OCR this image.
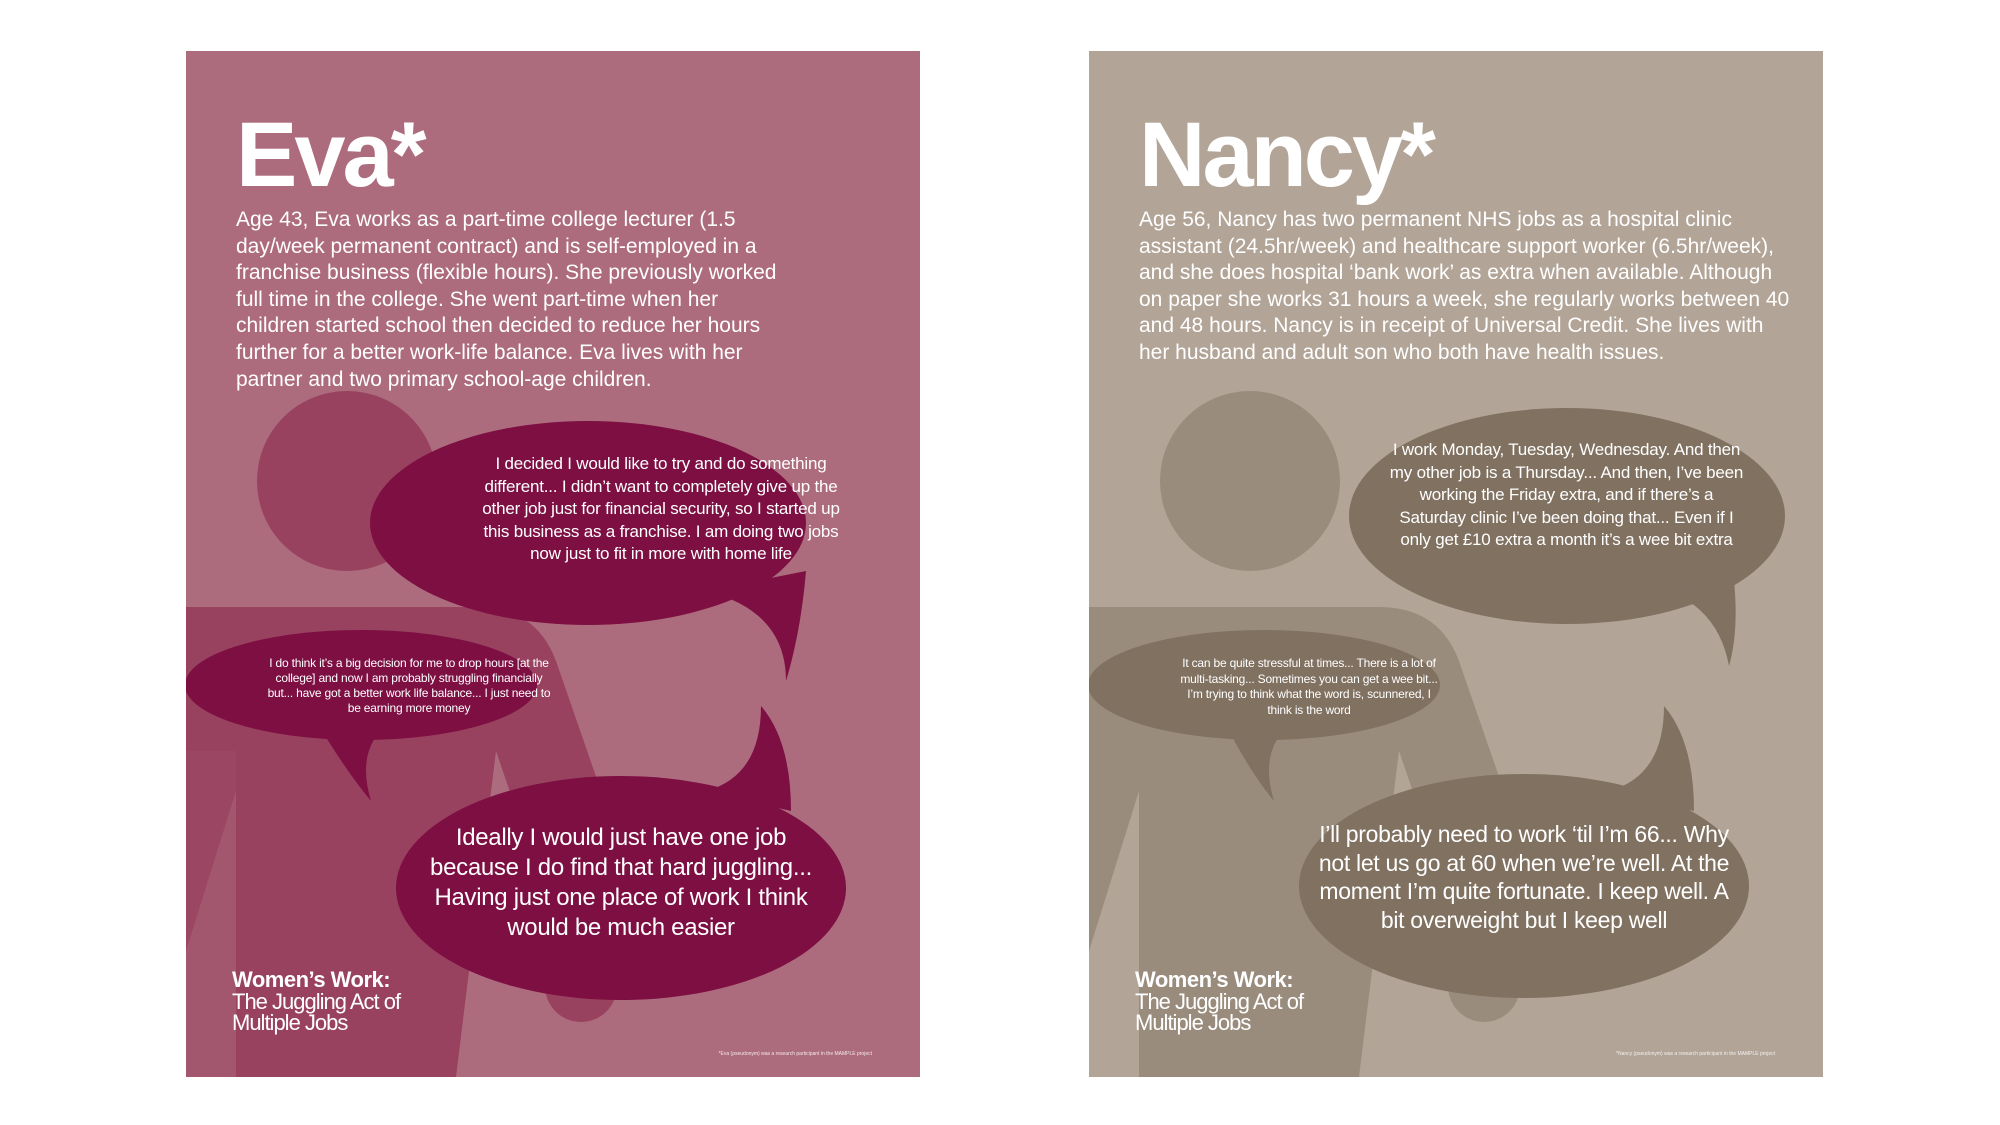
Eva*

Age 43, Eva works as a part-time college lecturer (1.5 day/week permanent contract) and is self-employed in a franchise business (flexible hours). She previously worked full time in the college. She went part-time when her children started school then decided to reduce her hours further for a better work-life balance. Eva lives with her partner and two primary school-age children.

I decided I would like to try and do something different... I didn’t want to completely give up the other job just for financial security, so I started up this business as a franchise. I am doing two jobs now just to fit in more with home life

I do think it’s a big decision for me to drop hours [at the college] and now I am probably struggling financially but... have got a better work life balance... I just need to be earning more money

Ideally I would just have one job because I do find that hard juggling... Having just one place of work I think would be much easier

Women’s Work:
The Juggling Act of Multiple Jobs

*Eva (pseudonym) was a research participant in the MAMPLE project

Nancy*

Age 56, Nancy has two permanent NHS jobs as a hospital clinic assistant (24.5hr/week) and healthcare support worker (6.5hr/week), and she does hospital ‘bank work’ as extra when available. Although on paper she works 31 hours a week, she regularly works between 40 and 48 hours. Nancy is in receipt of Universal Credit. She lives with her husband and adult son who both have health issues.

I work Monday, Tuesday, Wednesday. And then my other job is a Thursday... And then, I’ve been working the Friday extra, and if there’s a Saturday clinic I’ve been doing that... Even if I only get £10 extra a month it’s a wee bit extra

It can be quite stressful at times... There is a lot of multi-tasking... Sometimes you can get a wee bit... I’m trying to think what the word is, scunnered, I think is the word

I’ll probably need to work ‘til I’m 66... Why not let us go at 60 when we’re well. At the moment I’m quite fortunate. I keep well. A bit overweight but I keep well

Women’s Work:
The Juggling Act of Multiple Jobs

*Nancy (pseudonym) was a research participant in the MAMPLE project
